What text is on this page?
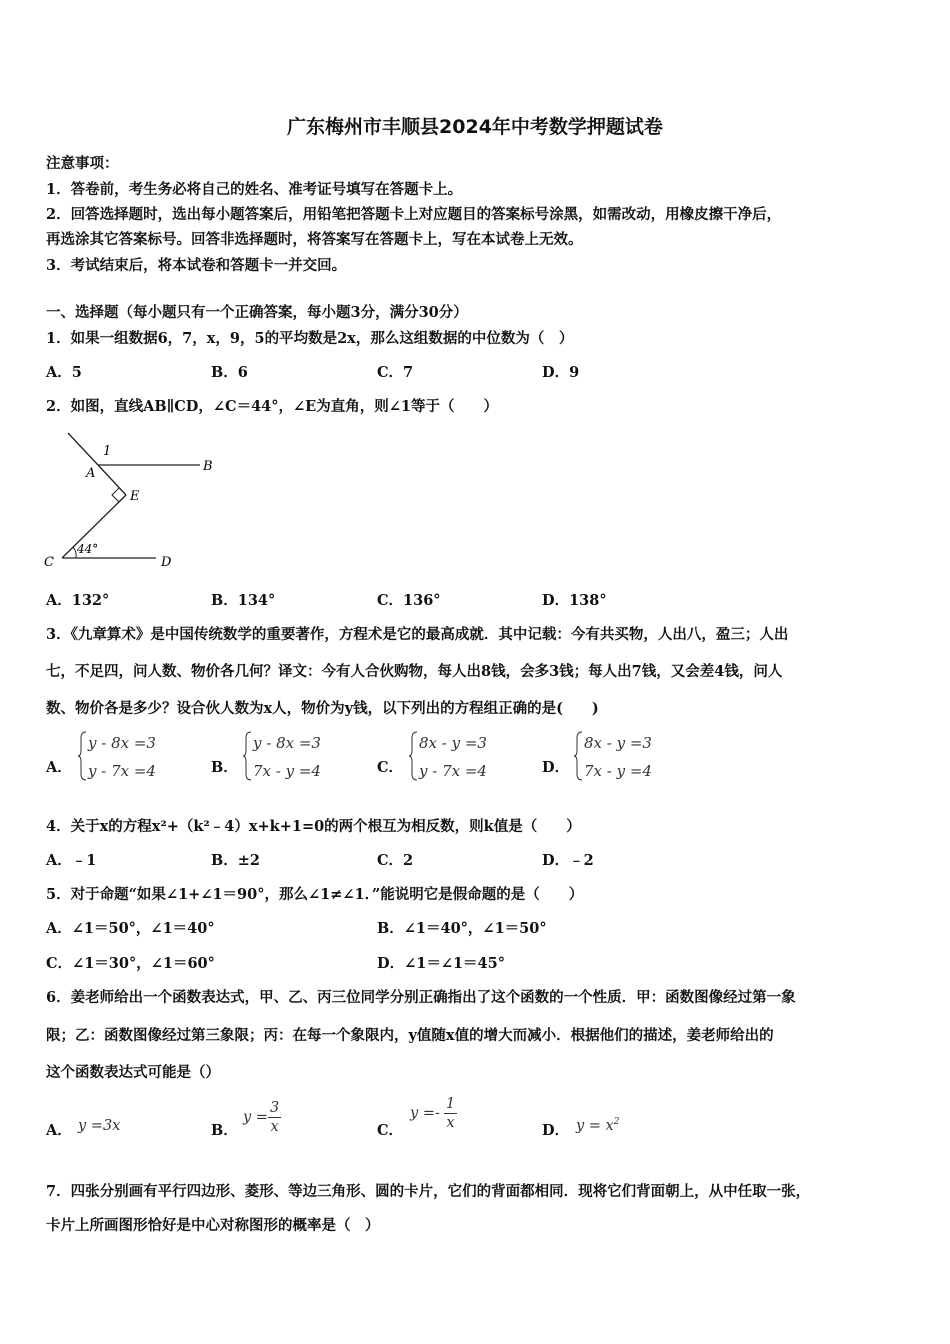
广东梅州市丰顺县2024年中考数学押题试卷
注意事项：
1．答卷前，考生务必将自己的姓名、准考证号填写在答题卡上。
2．回答选择题时，选出每小题答案后，用铅笔把答题卡上对应题目的答案标号涂黑，如需改动，用橡皮擦干净后，
再选涂其它答案标号。回答非选择题时，将答案写在答题卡上，写在本试卷上无效。
3．考试结束后，将本试卷和答题卡一并交回。
一、选择题（每小题只有一个正确答案，每小题3分，满分30分）
1．如果一组数据6，7，x，9，5的平均数是2x，那么这组数据的中位数为（　）
A．5	B．6	C．7	D．9
2．如图，直线AB∥CD，∠C＝44°，∠E为直角，则∠1等于（　　）
1
A	B
E
C	D
44°
A．132°	B．134°	C．136°	D．138°
3．《九章算术》是中国传统数学的重要著作，方程术是它的最高成就．其中记载：今有共买物，人出八，盈三；人出
七，不足四，问人数、物价各几何？译文：今有人合伙购物，每人出8钱，会多3钱；每人出7钱，又会差4钱，问人
数、物价各是多少？设合伙人数为x人，物价为y钱，以下列出的方程组正确的是(　　)
A．
y - 8x =3
y - 7x =4	B．
y - 8x =3
7x - y =4	C．
8x - y =3
y - 7x =4	D．
8x - y =3
7x - y =4
4．关于x的方程x²+（k²﹣4）x+k+1=0的两个根互为相反数，则k值是（　　）
A．﹣1	B．±2	C．2	D．﹣2
5．对于命题“如果∠1+∠1＝90°，那么∠1≠∠1．”能说明它是假命题的是（　　）
A．∠1＝50°，∠1＝40°	B．∠1＝40°，∠1＝50°
C．∠1＝30°，∠1＝60°	D．∠1＝∠1＝45°
6．姜老师给出一个函数表达式，甲、乙、丙三位同学分别正确指出了这个函数的一个性质．甲：函数图像经过第一象
限；乙：函数图像经过第三象限；丙：在每一个象限内，y值随x值的增大而减小．根据他们的描述，姜老师给出的
这个函数表达式可能是（）
A． y =3x	B．
$y = \frac{3}{x}$	C．
$y =- \frac{1}{x}$	D． $y = x^2$
7．四张分别画有平行四边形、菱形、等边三角形、圆的卡片，它们的背面都相同．现将它们背面朝上，从中任取一张，
卡片上所画图形恰好是中心对称图形的概率是（　）
